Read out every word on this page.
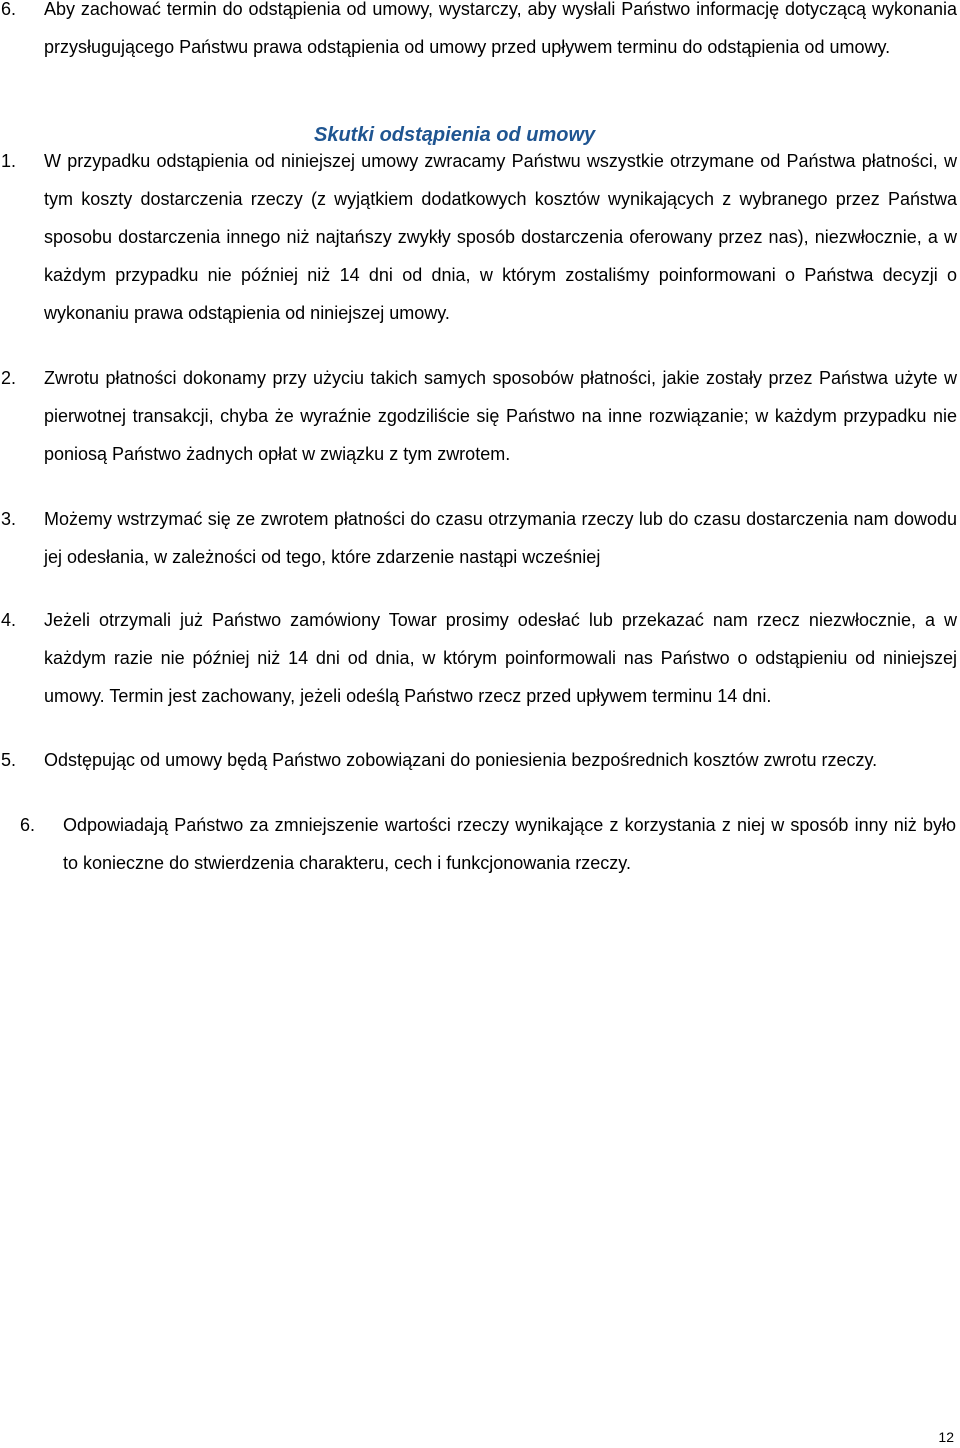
6.	Aby zachować termin do odstąpienia od umowy, wystarczy, aby wysłali Państwo informację dotyczącą wykonania przysługującego Państwu prawa odstąpienia od umowy przed upływem terminu do odstąpienia od umowy.
Skutki odstąpienia od umowy
1.	W przypadku odstąpienia od niniejszej umowy zwracamy Państwu wszystkie otrzymane od Państwa płatności, w tym koszty dostarczenia rzeczy (z wyjątkiem dodatkowych kosztów wynikających z wybranego przez Państwa sposobu dostarczenia innego niż najtańszy zwykły sposób dostarczenia oferowany przez nas), niezwłocznie, a w każdym przypadku nie później niż 14 dni od dnia, w którym zostaliśmy poinformowani o Państwa decyzji o wykonaniu prawa odstąpienia od niniejszej umowy.
2.	Zwrotu płatności dokonamy przy użyciu takich samych sposobów płatności, jakie zostały przez Państwa użyte w pierwotnej transakcji, chyba że wyraźnie zgodziliście się Państwo na inne rozwiązanie; w każdym przypadku nie poniosą Państwo żadnych opłat w związku z tym zwrotem.
3.	Możemy wstrzymać się ze zwrotem płatności do czasu otrzymania rzeczy lub do czasu dostarczenia nam dowodu jej odesłania, w zależności od tego, które zdarzenie nastąpi wcześniej
4.	Jeżeli otrzymali już Państwo zamówiony Towar prosimy odesłać lub przekazać nam rzecz niezwłocznie, a w każdym razie nie później niż 14 dni od dnia, w którym poinformowali nas Państwo o odstąpieniu od niniejszej umowy. Termin jest zachowany, jeżeli odeślą Państwo rzecz przed upływem terminu 14 dni.
5.	Odstępując od umowy będą Państwo zobowiązani do poniesienia bezpośrednich kosztów zwrotu rzeczy.
6.	Odpowiadają Państwo za zmniejszenie wartości rzeczy wynikające z korzystania z niej w sposób inny niż było to konieczne do stwierdzenia charakteru, cech i funkcjonowania rzeczy.
12
